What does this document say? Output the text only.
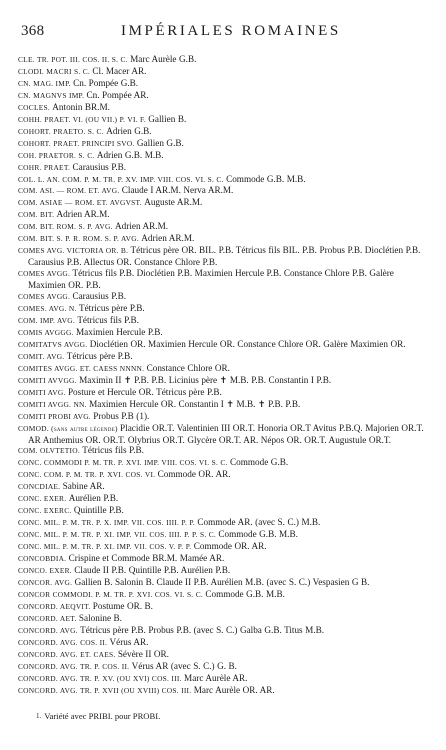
368	IMPÉRIALES ROMAINES
CLE. TR. POT. III. COS. II. S. C. Marc Aurèle G.B.
CLODI. MACRI S. C. Cl. Macer AR.
CN. MAG. IMP. Cn. Pompée G.B.
CN. MAGNVS IMP. Cn. Pompée AR.
COCLES. Antonin BR.M.
COHH. PRAET. VI. (OU VII.) P. VI. F. Gallien B.
COHORT. PRAETO. S. C. Adrien G.B.
COHORT. PRAET. PRINCIPI SVO. Gallien G.B.
COH. PRAETOR. S. C. Adrien G.B. M.B.
COHR. PRAET. Carausius P.B.
COL. L. AN. COM. P. M. TR. P. XV. IMP. VIII. COS. VI. S. C. Commode G.B. M.B.
COM. ASI. — ROM. ET. AVG. Claude I AR.M. Nerva AR.M.
COM. ASIAE — ROM. ET. AVGVST. Auguste AR.M.
COM. BIT. Adrien AR.M.
COM. BIT. ROM. S. P. AVG. Adrien AR.M.
COM. BIT. S. P. R. ROM. S. P. AVG. Adrien AR.M.
COMES AVG. VICTORIA OR. B. Tétricus père OR. BIL. P.B. Tétricus fils BIL. P.B. Probus P.B. Dioclétien P.B. Carausius P.B. Allectus OR. Constance Chlore P.B.
COMES AVGG. Tétricus fils P.B. Dioclétien P.B. Maximien Hercule P.B. Constance Chlore P.B. Galère Maximien OR. P.B.
COMES AVGG. Carausius P.B.
COMES. AVG. N. Tétricus père P.B.
COM. IMP. AVG. Tétricus fils P.B.
COMIS AVGGG. Maximien Hercule P.B.
COMITATVS AVGG. Dioclétien OR. Maximien Hercule OR. Constance Chlore OR. Galère Maximien OR.
COMIT. AVG. Tétricus père P.B.
COMITES AVGG. ET. CAESS NNNN. Constance Chlore OR.
COMITI AVVGG. Maximin II ✝ P.B. P.B. Licinius père ✝ M.B. P.B. Constantin I P.B.
COMITI AVG. Posture et Hercule OR. Tétricus père P.B.
COMITI AVGG. NN. Maximien Hercule OR. Constantin I ✝ M.B. ✝ P.B. P.B.
COMITI PROBI AVG. Probus P.B (1).
COMOD. (sans autre légende) Placidie OR.T. Valentinien III OR.T. Honoria OR.T Avitus P.B.Q. Majorien OR.T. AR Anthemius OR. OR.T. Olybrius OR.T. Glycère OR.T. AR. Népos OR. OR.T. Augustule OR.T.
COM. OLVTETIO. Tétricus fils P.B.
CONC. COMMODI P. M. TR. P. XVI. IMP. VIII. COS. VI. S. C. Commode G.B.
CONC. COM. P. M. TR. P. XVI. COS. VI. Commode OR. AR.
CONCDIAE. Sabine AR.
CONC. EXER. Aurélien P.B.
CONC. EXERC. Quintille P.B.
CONC. MIL. P. M. TR. P. X. IMP. VII. COS. IIII. P. P. Commode AR. (avec S. C.) M.B.
CONC. MIL. P. M. TR. P. XI. IMP. VII. COS. IIII. P. P. S. C. Commode G.B. M.B.
CONC. MIL. P. M. TR. P. XI. IMP. VII. COS. V. P. P. Commode OR. AR.
CONCOBDIA. Crispine et Commode BR.M. Mamée AR.
CONCO. EXER. Claude II P.B. Quintille P.B. Aurélien P.B.
CONCOR. AVG. Gallien B. Salonin B. Claude II P.B. Aurélien M.B. (avec S. C.) Vespasien G B.
CONCOR COMMODI. P. M. TR. P. XVI. COS. VI. S. C. Commode G.B. M.B.
CONCORD. AEQVIT. Postume OR. B.
CONCORD. AET. Salonine B.
CONCORD. AVG. Tétricus père P.B. Probus P.B. (avec S. C.) Galba G.B. Titus M.B.
CONCORD. AVG. COS. II. Vérus AR.
CONCORD. AVG. ET. CAES. Sévère II OR.
CONCORD. AVG. TR. P. COS. II. Vérus AR (avec S. C.) G. B.
CONCORD. AVG. TR. P. XV. (OU XVI) COS. III. Marc Aurèle AR.
CONCORD. AVG. TR. P. XVII (OU XVIII) COS. III. Marc Aurèle OR. AR.
1. Variété avec PRIBI. pour PROBI.
